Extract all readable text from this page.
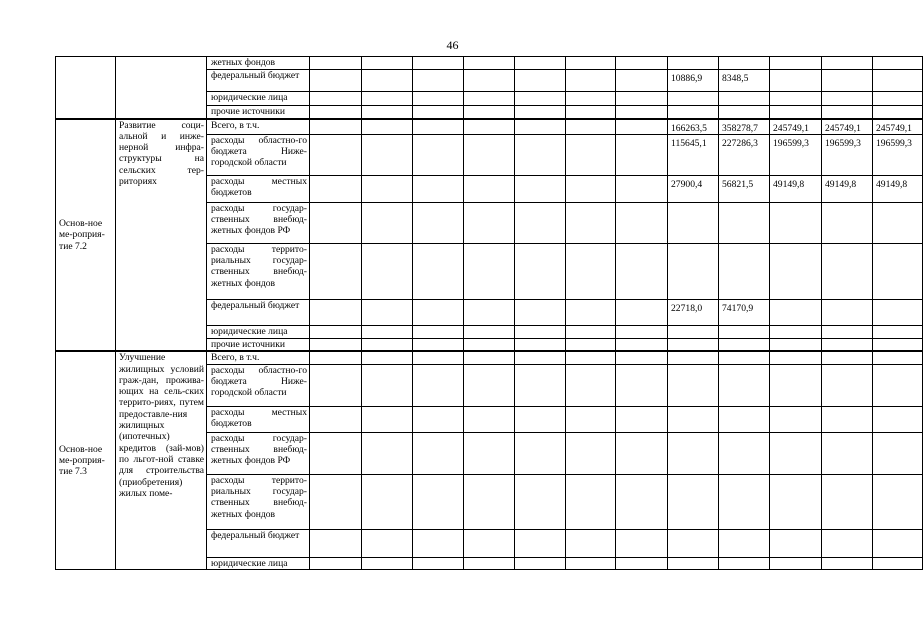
46
		жетных фондов												
		федеральный бюджет								10886,9	8348,5			
		юридические лица												
		прочие источники												
Основ-ное ме-роприя-тие 7.2	Развитие соци-альной и инже-нерной инфра-структуры на сельских тер-риториях	Всего, в т.ч.								166263,5	358278,7	245749,1	245749,1	245749,1
		расходы областно-го бюджета Ниже-городской области								115645,1	227286,3	196599,3	196599,3	196599,3
		расходы местных бюджетов								27900,4	56821,5	49149,8	49149,8	49149,8
		расходы государ-ственных внебюд-жетных фондов РФ												
		расходы террито-риальных государ-ственных внебюд-жетных фондов												
		федеральный бюджет								22718,0	74170,9			
		юридические лица												
		прочие источники												
Основ-ное ме-роприя-тие 7.3	Улучшение жилищных условий граж-дан, прожива-ющих на сель-ских террито-риях, путем предоставле-ния жилищных (ипотечных) кредитов (зай-мов) по льгот-ной ставке для строительства (приобретения) жилых поме-	Всего, в т.ч.												
		расходы областно-го бюджета Ниже-городской области												
		расходы местных бюджетов												
		расходы государ-ственных внебюд-жетных фондов РФ												
		расходы террито-риальных государ-ственных внебюд-жетных фондов												
		федеральный бюджет												
		юридические лица												
